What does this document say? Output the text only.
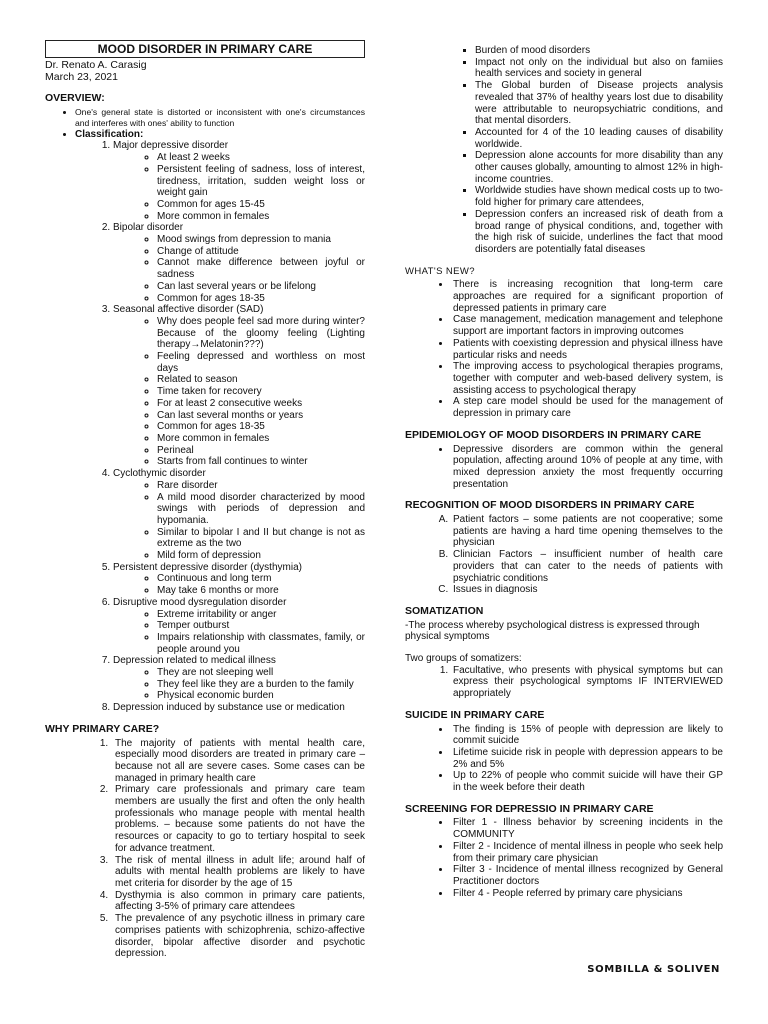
MOOD DISORDER IN PRIMARY CARE
Dr. Renato A. Carasig
March 23, 2021
OVERVIEW:
• One's general state is distorted or inconsistent with one's circumstances and interferes with ones' ability to function
• Classification:
1. Major depressive disorder
◦ At least 2 weeks
◦ Persistent feeling of sadness, loss of interest, tiredness, irritation, sudden weight loss or weight gain
◦ Common for ages 15-45
◦ More common in females
2. Bipolar disorder
◦ Mood swings from depression to mania
◦ Change of attitude
◦ Cannot make difference between joyful or sadness
◦ Can last several years or be lifelong
◦ Common for ages 18-35
3. Seasonal affective disorder (SAD)
◦ Why does people feel sad more during winter? Because of the gloomy feeling (Lighting therapy→Melatonin???)
◦ Feeling depressed and worthless on most days
◦ Related to season
◦ Time taken for recovery
◦ For at least 2 consecutive weeks
◦ Can last several months or years
◦ Common for ages 18-35
◦ More common in females
◦ Perineal
◦ Starts from fall continues to winter
4. Cyclothymic disorder
◦ Rare disorder
◦ A mild mood disorder characterized by mood swings with periods of depression and hypomania.
◦ Similar to bipolar I and II but change is not as extreme as the two
◦ Mild form of depression
5. Persistent depressive disorder (dysthymia)
◦ Continuous and long term
◦ May take 6 months or more
6. Disruptive mood dysregulation disorder
◦ Extreme irritability or anger
◦ Temper outburst
◦ Impairs relationship with classmates, family, or people around you
7. Depression related to medical illness
◦ They are not sleeping well
◦ They feel like they are a burden to the family
◦ Physical economic burden
8. Depression induced by substance use or medication
WHY PRIMARY CARE?
1. The majority of patients with mental health care, especially mood disorders are treated in primary care – because not all are severe cases. Some cases can be managed in primary health care
2. Primary care professionals and primary care team members are usually the first and often the only health professionals who manage people with mental health problems. – because some patients do not have the resources or capacity to go to tertiary hospital to seek for advance treatment.
3. The risk of mental illness in adult life; around half of adults with mental health problems are likely to have met criteria for disorder by the age of 15
4. Dysthymia is also common in primary care patients, affecting 3-5% of primary care attendees
5. The prevalence of any psychotic illness in primary care comprises patients with schizophrenia, schizo-affective disorder, bipolar affective disorder and psychotic depression.
▪ Burden of mood disorders
▪ Impact not only on the individual but also on famiies health services and society in general
▪ The Global burden of Disease projects analysis revealed that 37% of healthy years lost due to disability were attributable to neuropsychiatric conditions, and that mental disorders.
▪ Accounted for 4 of the 10 leading causes of disability worldwide.
▪ Depression alone accounts for more disability than any other causes globally, amounting to almost 12% in high-income countries.
▪ Worldwide studies have shown medical costs up to two-fold higher for primary care attendees,
▪ Depression confers an increased risk of death from a broad range of physical conditions, and, together with the high risk of suicide, underlines the fact that mood disorders are potentially fatal diseases
WHAT'S NEW?
• There is increasing recognition that long-term care approaches are required for a significant proportion of depressed patients in primary care
• Case management, medication management and telephone support are important factors in improving outcomes
• Patients with coexisting depression and physical illness have particular risks and needs
• The improving access to psychological therapies programs, together with computer and web-based delivery system, is assisting access to psychological therapy
• A step care model should be used for the management of depression in primary care
EPIDEMIOLOGY OF MOOD DISORDERS IN PRIMARY CARE
• Depressive disorders are common within the general population, affecting around 10% of people at any time, with mixed depression anxiety the most frequently occurring presentation
RECOGNITION OF MOOD DISORDERS IN PRIMARY CARE
A. Patient factors – some patients are not cooperative; some patients are having a hard time opening themselves to the physician
B. Clinician Factors – insufficient number of health care providers that can cater to the needs of patients with psychiatric conditions
C. Issues in diagnosis
SOMATIZATION

-The process whereby psychological distress is expressed through physical symptoms

Two groups of somatizers:

1. Facultative, who presents with physical symptoms but can express their psychological symptoms IF INTERVIEWED appropriately
SUICIDE IN PRIMARY CARE
• The finding is 15% of people with depression are likely to commit suicide
• Lifetime suicide risk in people with depression appears to be 2% and 5%
• Up to 22% of people who commit suicide will have their GP in the week before their death
SCREENING FOR DEPRESSIO IN PRIMARY CARE
• Filter 1 - Illness behavior by screening incidents in the COMMUNITY
• Filter 2 - Incidence of mental illness in people who seek help from their primary care physician
• Filter 3 - Incidence of mental illness recognized by General Practitioner doctors
• Filter 4 - People referred by primary care physicians
SOMBILLA & SOLIVEN
